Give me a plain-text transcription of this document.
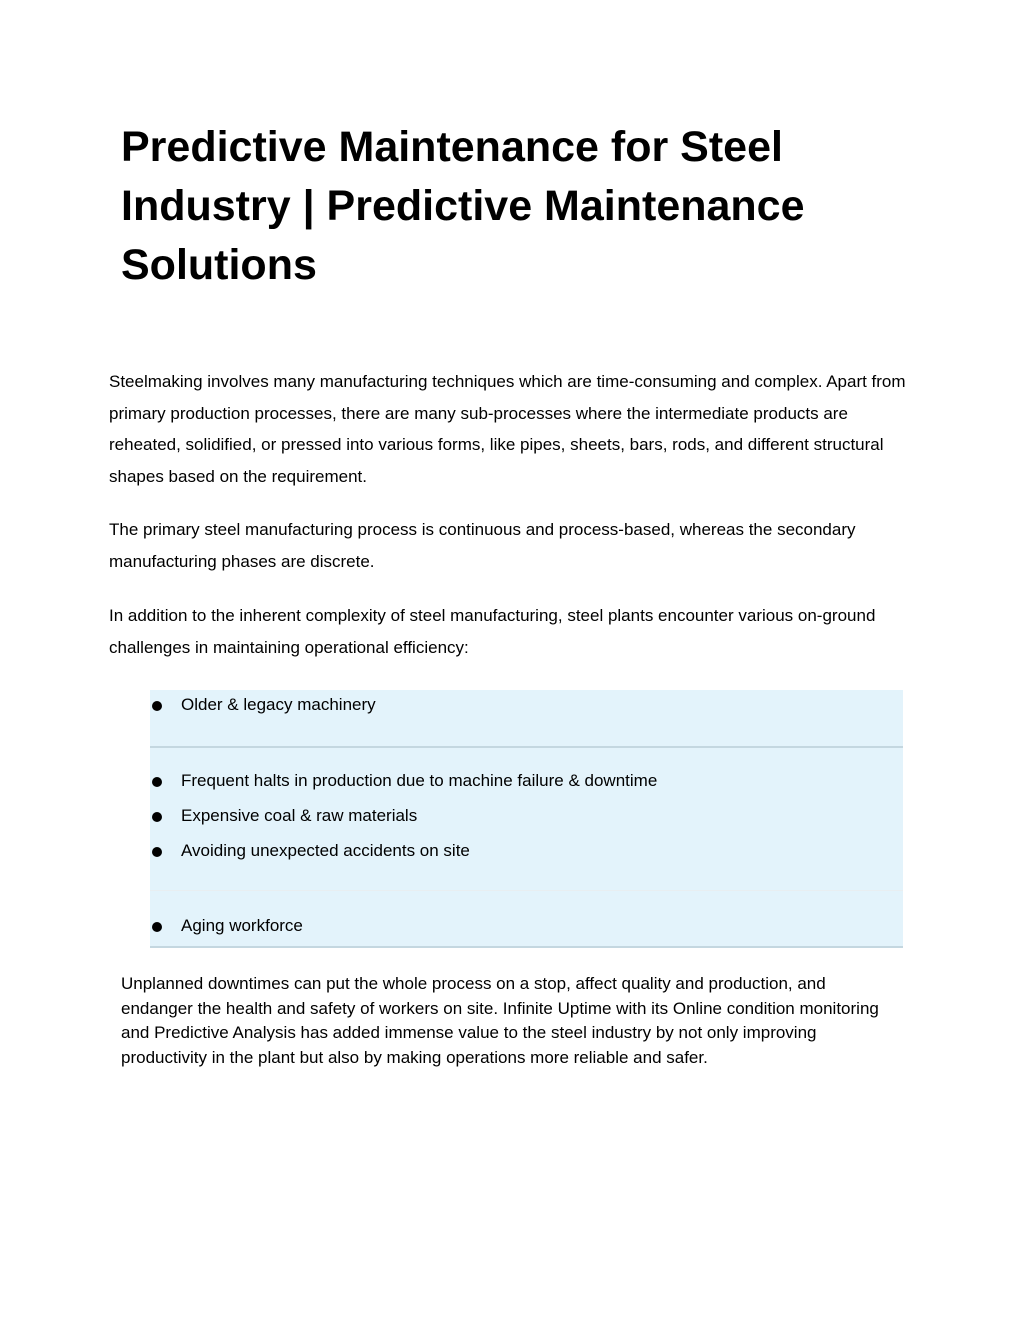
Predictive Maintenance for Steel Industry | Predictive Maintenance Solutions

Steelmaking involves many manufacturing techniques which are time-consuming and complex. Apart from primary production processes, there are many sub-processes where the intermediate products are reheated, solidified, or pressed into various forms, like pipes, sheets, bars, rods, and different structural shapes based on the requirement.

The primary steel manufacturing process is continuous and process-based, whereas the secondary manufacturing phases are discrete.

In addition to the inherent complexity of steel manufacturing, steel plants encounter various on-ground challenges in maintaining operational efficiency:

Older & legacy machinery
Frequent halts in production due to machine failure & downtime
Expensive coal & raw materials
Avoiding unexpected accidents on site
Aging workforce

Unplanned downtimes can put the whole process on a stop, affect quality and production, and endanger the health and safety of workers on site. Infinite Uptime with its Online condition monitoring and Predictive Analysis has added immense value to the steel industry by not only improving productivity in the plant but also by making operations more reliable and safer.
